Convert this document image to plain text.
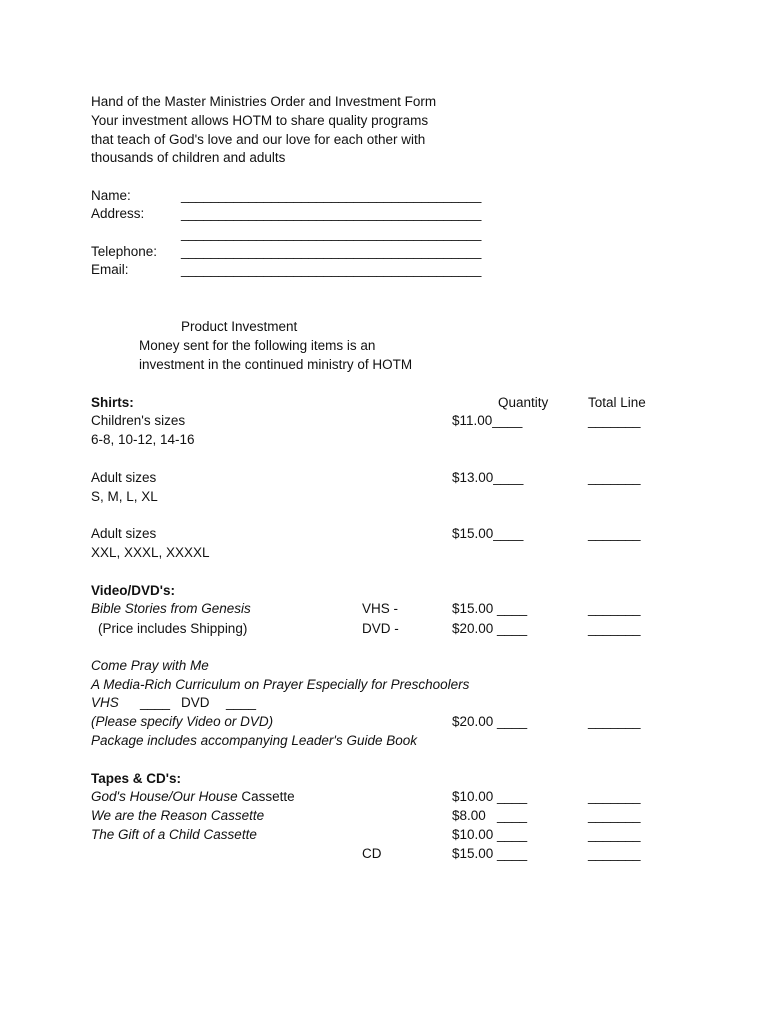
Hand of the Master Ministries Order and Investment Form
Your investment allows HOTM to share quality programs
that teach of God's love and our love for each other with
thousands of children and adults
Name:	________________________________________
Address:	________________________________________
________________________________________
Telephone: ________________________________________
Email:	________________________________________
Product Investment
Money sent for the following items is an
investment in the continued ministry of HOTM
Shirts:	Quantity	Total Line
Children's sizes	$11.00____	_______
6-8, 10-12, 14-16
Adult sizes	$13.00____	_______
S, M, L, XL
Adult sizes	$15.00____	_______
XXL, XXXL, XXXXL
Video/DVD's:
Bible Stories from Genesis	VHS -	$15.00 ____	_______
(Price includes Shipping)	DVD -	$20.00 ____	_______
Come Pray with Me
A Media-Rich Curriculum on Prayer Especially for Preschoolers
VHS ____ DVD ____
(Please specify Video or DVD)	$20.00 ____	_______
Package includes accompanying Leader's Guide Book
Tapes & CD's:
God's House/Our House Cassette	$10.00 ____	_______
We are the Reason Cassette	$8.00   ____	_______
The Gift of a Child Cassette	$10.00 ____	_______
CD	$15.00 ____	_______
